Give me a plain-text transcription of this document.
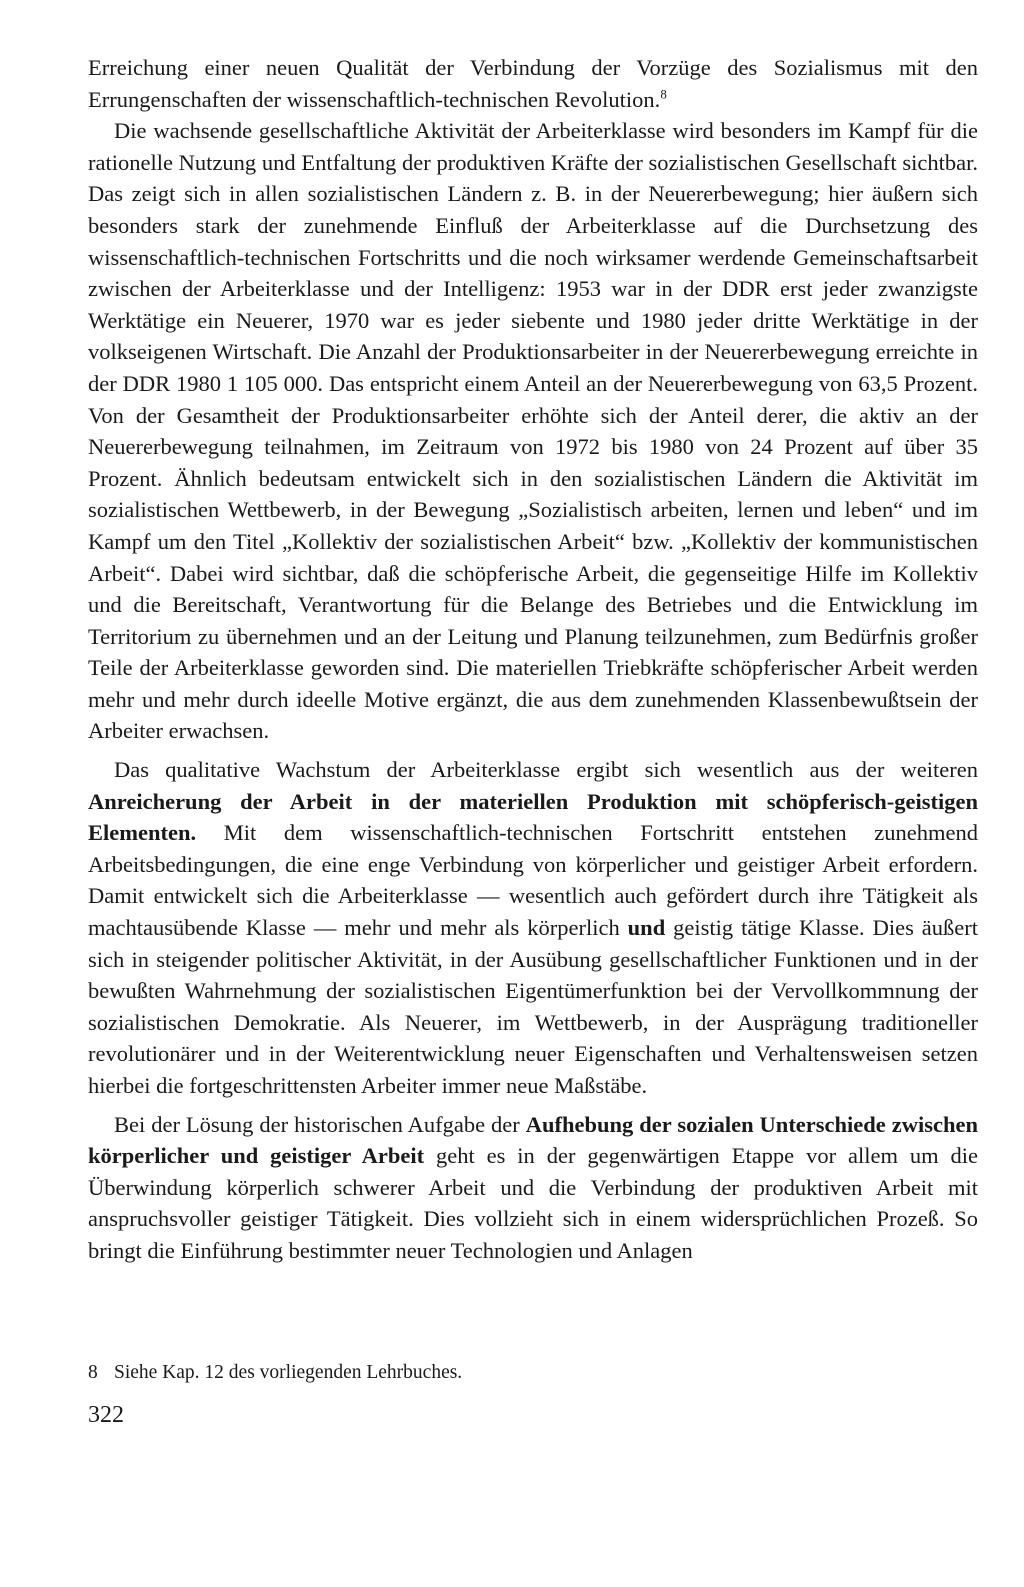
Erreichung einer neuen Qualität der Verbindung der Vorzüge des Sozialismus mit den Errungenschaften der wissenschaftlich-technischen Revolution.$^8$

Die wachsende gesellschaftliche Aktivität der Arbeiterklasse wird besonders im Kampf für die rationelle Nutzung und Entfaltung der produktiven Kräfte der sozialistischen Gesellschaft sichtbar. Das zeigt sich in allen sozialistischen Ländern z. B. in der Neuererbewegung; hier äußern sich besonders stark der zunehmende Einfluß der Arbeiterklasse auf die Durchsetzung des wissenschaftlich-technischen Fortschritts und die noch wirksamer werdende Gemeinschaftsarbeit zwischen der Arbeiterklasse und der Intelligenz: 1953 war in der DDR erst jeder zwanzigste Werktätige ein Neuerer, 1970 war es jeder siebente und 1980 jeder dritte Werktätige in der volkseigenen Wirtschaft. Die Anzahl der Produktionsarbeiter in der Neuererbewegung erreichte in der DDR 1980 1 105 000. Das entspricht einem Anteil an der Neuererbewegung von 63,5 Prozent. Von der Gesamtheit der Produktionsarbeiter erhöhte sich der Anteil derer, die aktiv an der Neuererbewegung teilnahmen, im Zeitraum von 1972 bis 1980 von 24 Prozent auf über 35 Prozent. Ähnlich bedeutsam entwickelt sich in den sozialistischen Ländern die Aktivität im sozialistischen Wettbewerb, in der Bewegung „Sozialistisch arbeiten, lernen und leben“ und im Kampf um den Titel „Kollektiv der sozialistischen Arbeit“ bzw. „Kollektiv der kommunistischen Arbeit“. Dabei wird sichtbar, daß die schöpferische Arbeit, die gegenseitige Hilfe im Kollektiv und die Bereitschaft, Verantwortung für die Belange des Betriebes und die Entwicklung im Territorium zu übernehmen und an der Leitung und Planung teilzunehmen, zum Bedürfnis großer Teile der Arbeiterklasse geworden sind. Die materiellen Triebkräfte schöpferischer Arbeit werden mehr und mehr durch ideelle Motive ergänzt, die aus dem zunehmenden Klassenbewußtsein der Arbeiter erwachsen.

Das qualitative Wachstum der Arbeiterklasse ergibt sich wesentlich aus der weiteren Anreicherung der Arbeit in der materiellen Produktion mit schöpferisch-geistigen Elementen. Mit dem wissenschaftlich-technischen Fortschritt entstehen zunehmend Arbeitsbedingungen, die eine enge Verbindung von körperlicher und geistiger Arbeit erfordern. Damit entwickelt sich die Arbeiterklasse — wesentlich auch gefördert durch ihre Tätigkeit als machtausübende Klasse — mehr und mehr als körperlich und geistig tätige Klasse. Dies äußert sich in steigender politischer Aktivität, in der Ausübung gesellschaftlicher Funktionen und in der bewußten Wahrnehmung der sozialistischen Eigentümerfunktion bei der Vervollkommnung der sozialistischen Demokratie. Als Neuerer, im Wettbewerb, in der Ausprägung traditioneller revolutionärer und in der Weiterentwicklung neuer Eigenschaften und Verhaltensweisen setzen hierbei die fortgeschrittensten Arbeiter immer neue Maßstäbe.

Bei der Lösung der historischen Aufgabe der Aufhebung der sozialen Unterschiede zwischen körperlicher und geistiger Arbeit geht es in der gegenwärtigen Etappe vor allem um die Überwindung körperlich schwerer Arbeit und die Verbindung der produktiven Arbeit mit anspruchsvoller geistiger Tätigkeit. Dies vollzieht sich in einem widersprüchlichen Prozeß. So bringt die Einführung bestimmter neuer Technologien und Anlagen

8 Siehe Kap. 12 des vorliegenden Lehrbuches.
322
